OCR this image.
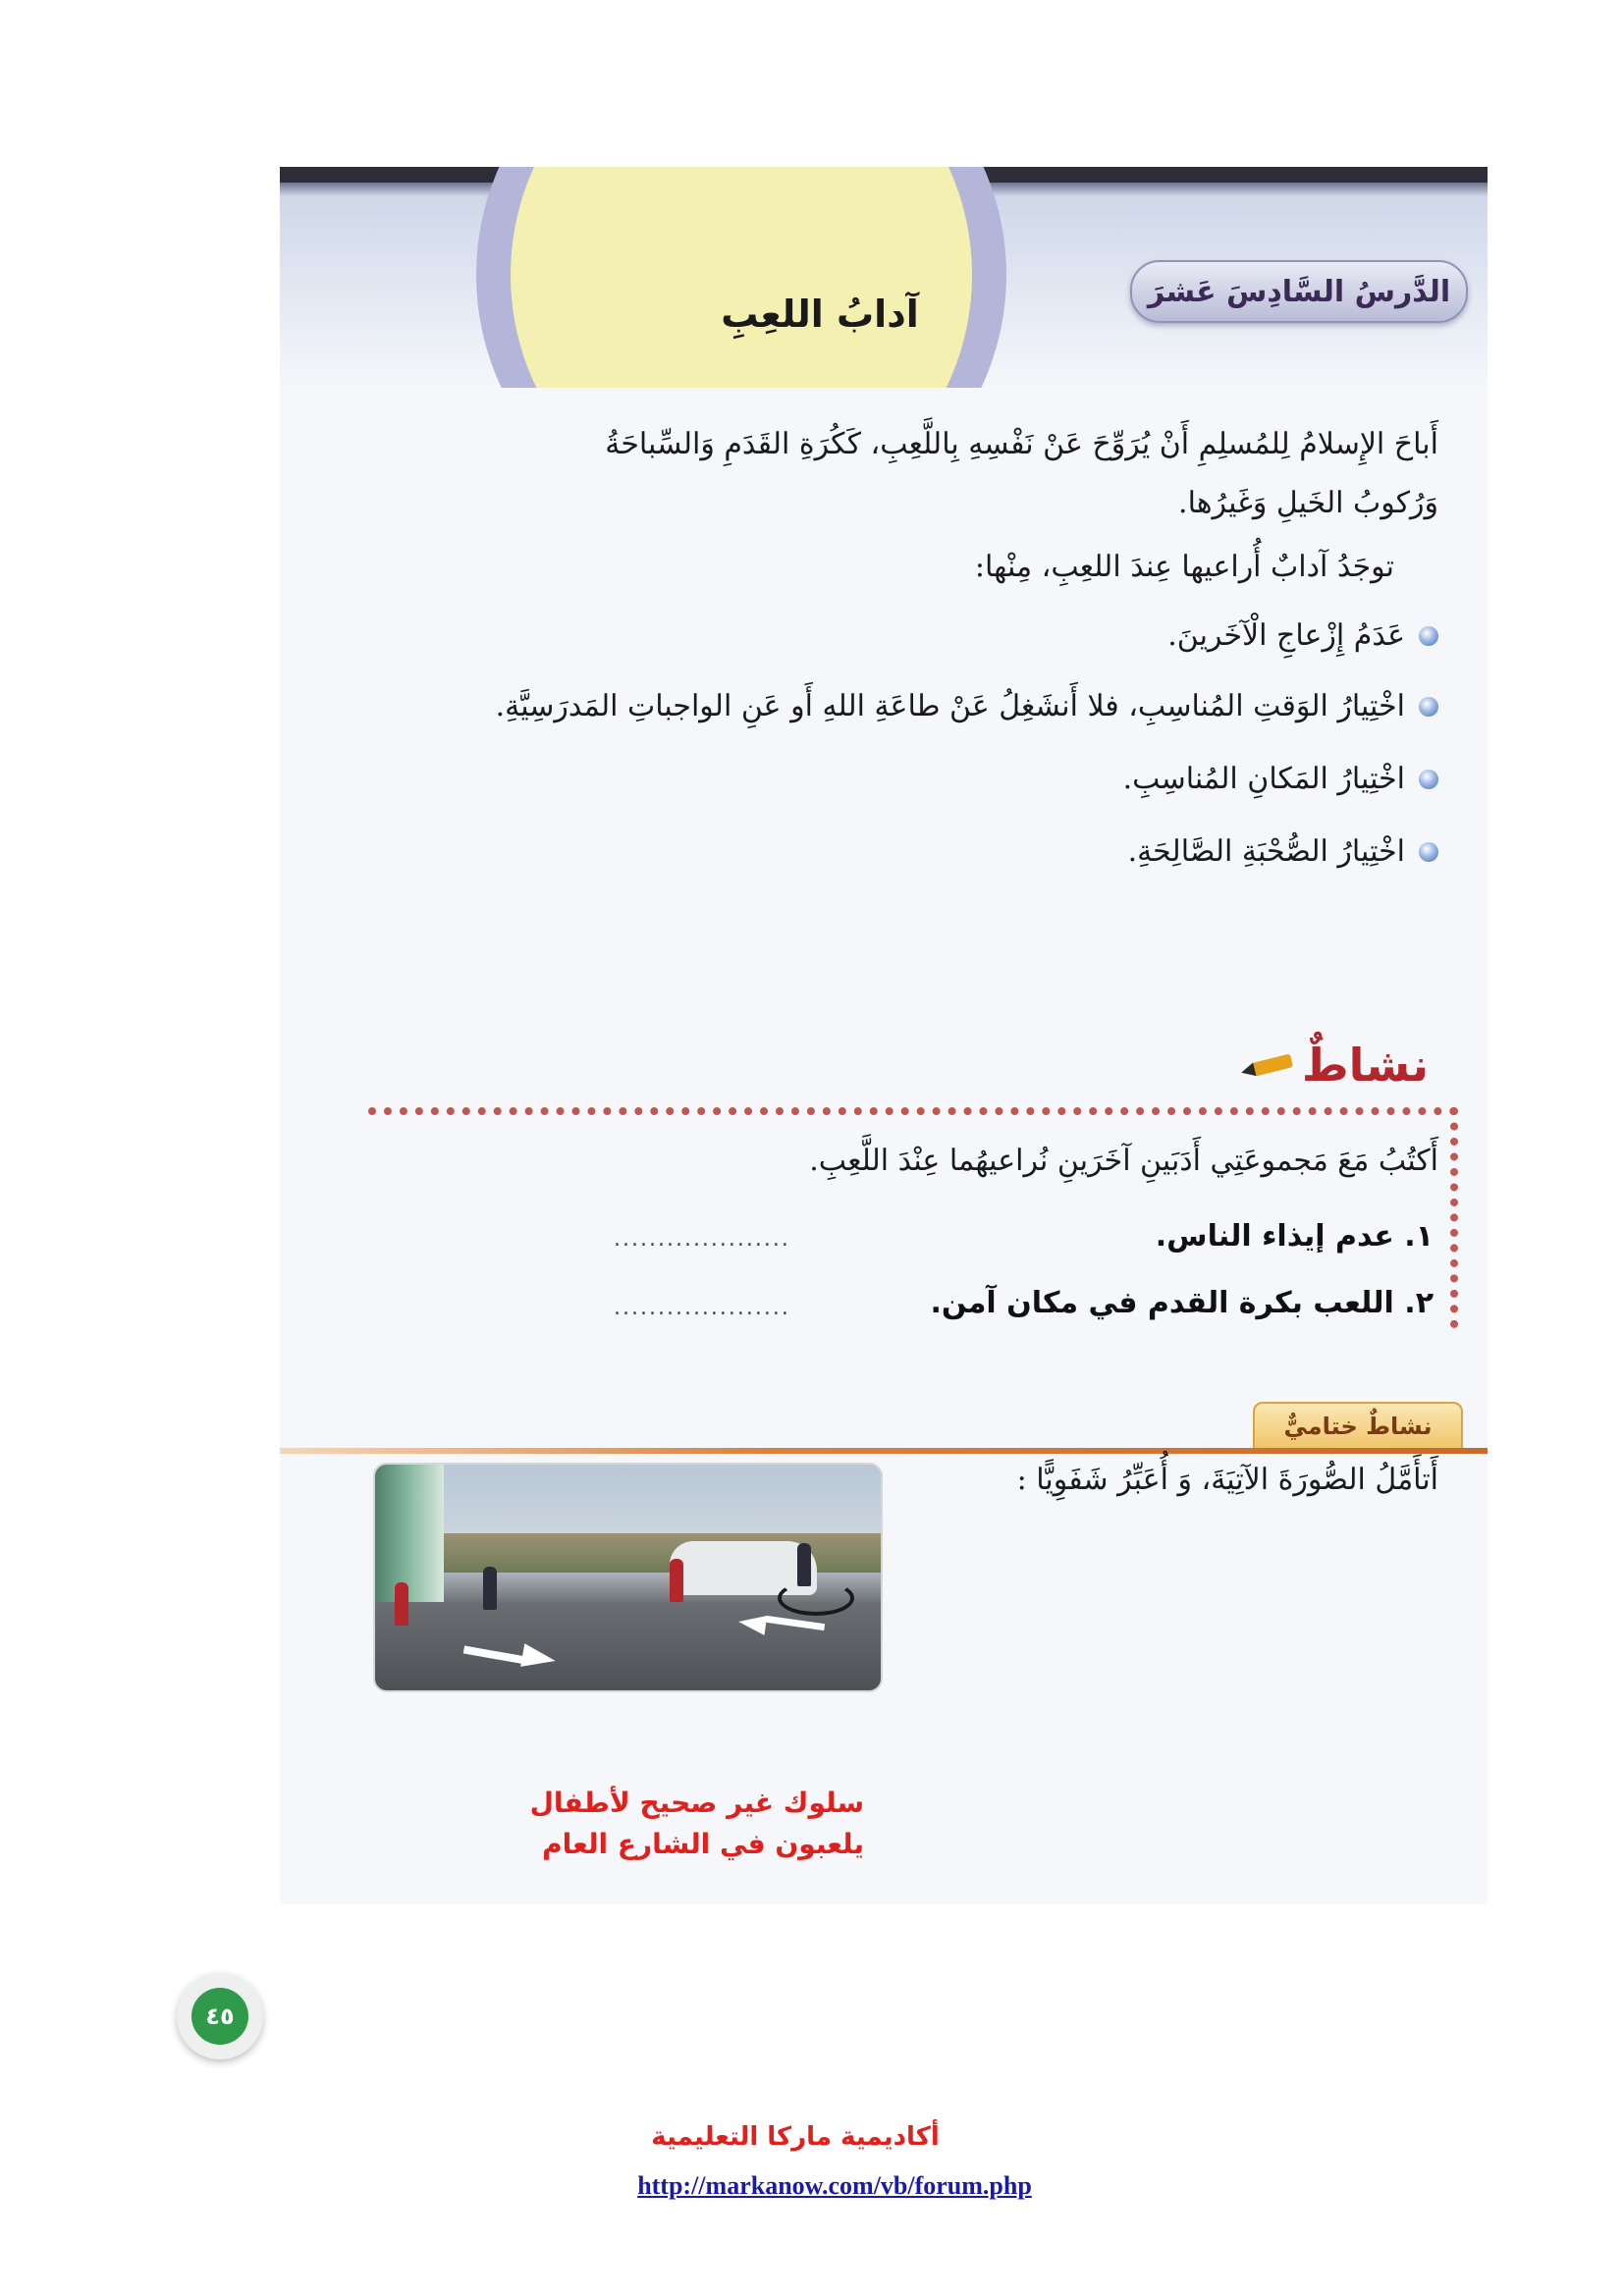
الدَّرسُ السَّادِسَ عَشرَ
آدابُ اللعِبِ
أَباحَ الإِسلامُ لِلمُسلِمِ أَنْ يُرَوِّحَ عَنْ نَفْسِهِ بِاللَّعِبِ، كَكُرَةِ القَدَمِ وَالسِّباحَةُ
وَرُكوبُ الخَيلِ وَغَيرُها.
توجَدُ آدابٌ أُراعيها عِندَ اللعِبِ، مِنْها:
عَدَمُ إِزْعاجِ الْآخَرينَ.
اخْتِيارُ الوَقتِ المُناسِبِ، فلا أَنشَغِلُ عَنْ طاعَةِ اللهِ أَو عَنِ الواجباتِ المَدرَسِيَّةِ.
اخْتِيارُ المَكانِ المُناسِبِ.
اخْتِيارُ الصُّحْبَةِ الصَّالِحَةِ.
نشاطٌ
أَكتُبُ مَعَ مَجموعَتِي أَدَبَينِ آخَرَينِ نُراعيهُما عِنْدَ اللَّعِبِ.
١. عدم إيذاء الناس.
....................
٢. اللعب بكرة القدم في مكان آمن.
....................
نشاطٌ ختاميٌّ
أَتأَمَّلُ الصُّورَةَ الآتِيَةَ، وَ أُعَبِّرُ شَفَوِيًّا :
سلوك غير صحيح لأطفال
يلعبون في الشارع العام
٤٥
أكاديمية ماركا التعليمية
http://markanow.com/vb/forum.php
